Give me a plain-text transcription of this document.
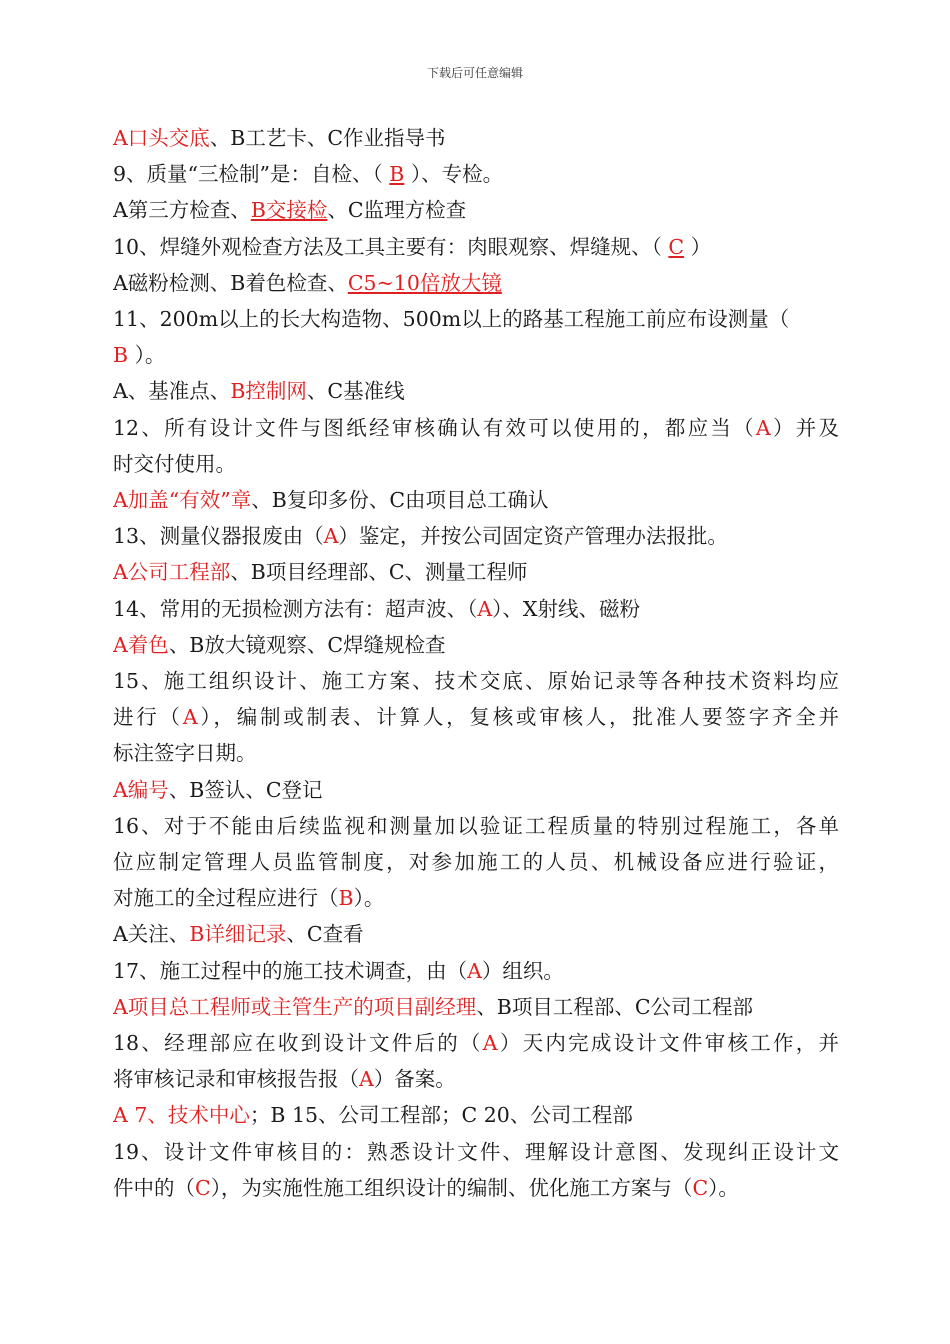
下载后可任意编辑
A口头交底、B工艺卡、C作业指导书
9、质量“三检制”是：自检、（ B ）、专检。
A第三方检查、B交接检、C监理方检查
10、焊缝外观检查方法及工具主要有：肉眼观察、焊缝规、（ C ）
A磁粉检测、B着色检查、C5~10倍放大镜
11、200m以上的长大构造物、500m以上的路基工程施工前应布设测量（
B ）。
A、基准点、B控制网、C基准线
12、所有设计文件与图纸经审核确认有效可以使用的，都应当（A）并及
时交付使用。
A加盖“有效”章、B复印多份、C由项目总工确认
13、测量仪器报废由（A）鉴定，并按公司固定资产管理办法报批。
A公司工程部、B项目经理部、C、测量工程师
14、常用的无损检测方法有：超声波、（A）、X射线、磁粉
A着色、B放大镜观察、C焊缝规检查
15、施工组织设计、施工方案、技术交底、原始记录等各种技术资料均应
进行（A），编制或制表、计算人，复核或审核人，批准人要签字齐全并
标注签字日期。
A编号、B签认、C登记
16、对于不能由后续监视和测量加以验证工程质量的特别过程施工，各单
位应制定管理人员监管制度，对参加施工的人员、机械设备应进行验证，
对施工的全过程应进行（B）。
A关注、B详细记录、C查看
17、施工过程中的施工技术调查，由（A）组织。
A项目总工程师或主管生产的项目副经理、B项目工程部、C公司工程部
18、经理部应在收到设计文件后的（A）天内完成设计文件审核工作，并
将审核记录和审核报告报（A）备案。
A 7、技术中心；B 15、公司工程部；C 20、公司工程部
19、设计文件审核目的：熟悉设计文件、理解设计意图、发现纠正设计文
件中的（C），为实施性施工组织设计的编制、优化施工方案与（C）。
